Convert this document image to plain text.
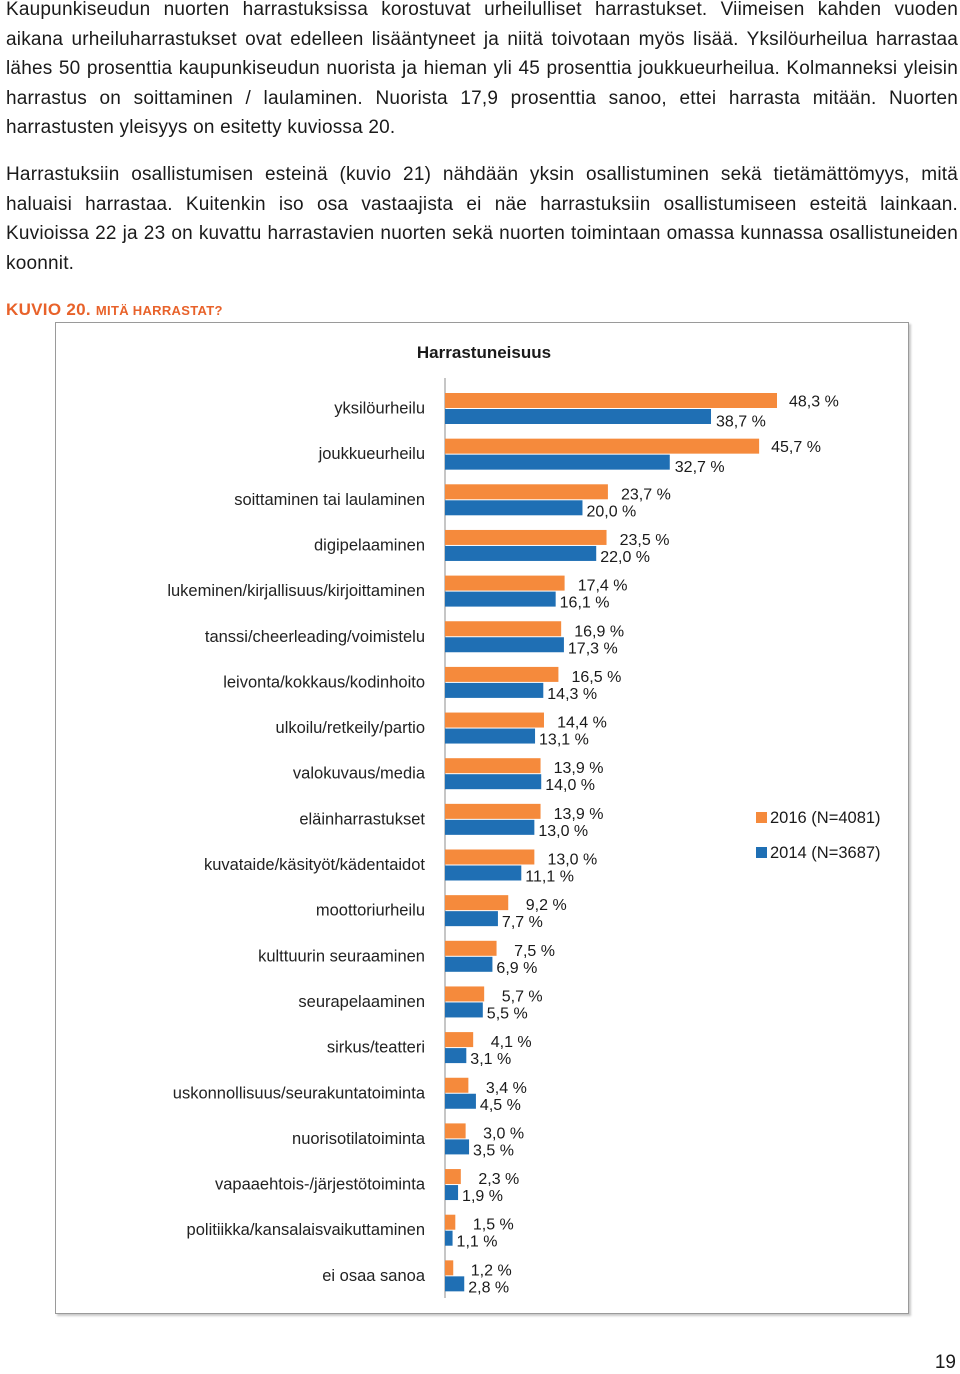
Kaupunkiseudun nuorten harrastuksissa korostuvat urheilulliset harrastukset. Viimeisen kahden vuoden aikana urheiluharrastukset ovat edelleen lisääntyneet ja niitä toivotaan myös lisää. Yksilöurheilua harrastaa lähes 50 prosenttia kaupunkiseudun nuorista ja hieman yli 45 prosenttia joukkueurheilua. Kolmanneksi yleisin harrastus on soittaminen / laulaminen. Nuorista 17,9 prosenttia sanoo, ettei harrasta mitään. Nuorten harrastusten yleisyys on esitetty kuviossa 20.

Harrastuksiin osallistumisen esteinä (kuvio 21) nähdään yksin osallistuminen sekä tietämättömyys, mitä haluaisi harrastaa. Kuitenkin iso osa vastaajista ei näe harrastuksiin osallistumiseen esteitä lainkaan. Kuvioissa 22 ja 23 on kuvattu harrastavien nuorten sekä nuorten toimintaan omassa kunnassa osallistuneiden koonnit.

KUVIO 20. MITÄ HARRASTAT?
Harrastuneisuus
yksilöurheilu	48,3 %
38,7 %
joukkueurheilu	45,7 %
32,7 %
soittaminen tai laulaminen	23,7 %
20,0 %
digipelaaminen	23,5 %
22,0 %
lukeminen/kirjallisuus/kirjoittaminen	17,4 %
16,1 %
tanssi/cheerleading/voimistelu	16,9 %
17,3 %
leivonta/kokkaus/kodinhoito	16,5 %
14,3 %
ulkoilu/retkeily/partio	14,4 %
13,1 %
valokuvaus/media	13,9 %
14,0 %
eläinharrastukset	13,9 %
13,0 %
kuvataide/käsityöt/kädentaidot	13,0 %
11,1 %
moottoriurheilu	9,2 %
7,7 %
kulttuurin seuraaminen	7,5 %
6,9 %
seurapelaaminen	5,7 %
5,5 %
sirkus/teatteri	4,1 %
3,1 %
uskonnollisuus/seurakuntatoiminta	3,4 %
4,5 %
nuorisotilatoiminta	3,0 %
3,5 %
vapaaehtois-/järjestötoiminta	2,3 %
1,9 %
politiikka/kansalaisvaikuttaminen	1,5 %
1,1 %
ei osaa sanoa	1,2 %
2,8 %
2016 (N=4081)
2014 (N=3687)
19
